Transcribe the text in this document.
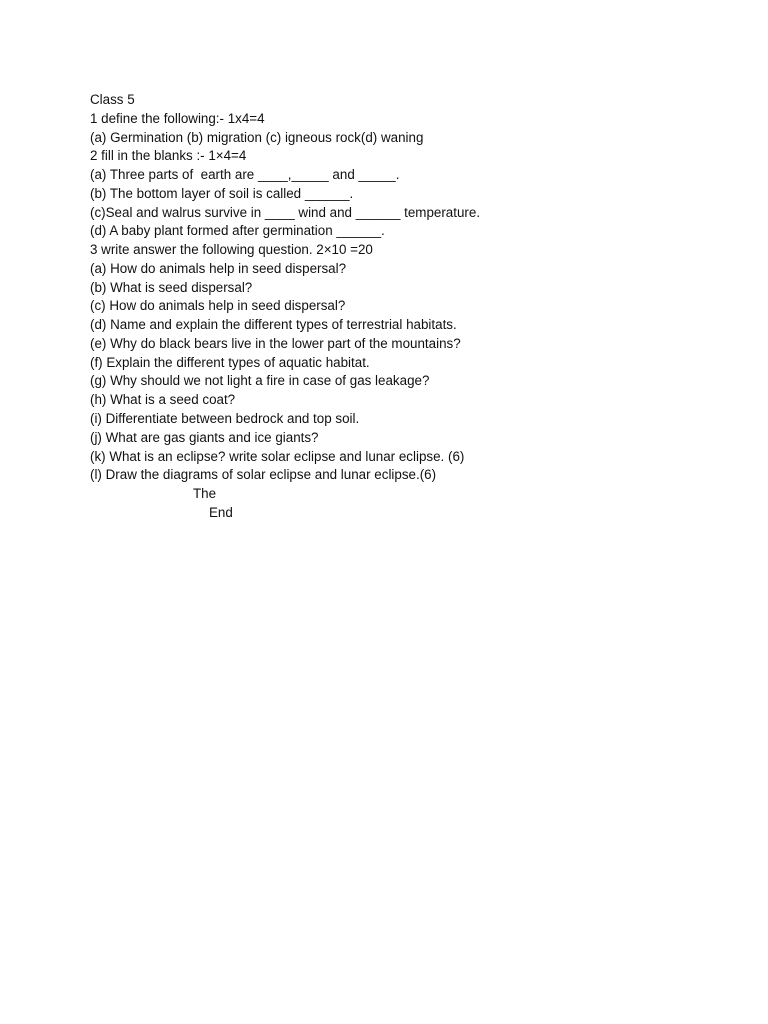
Class 5
1 define the following:- 1x4=4
(a) Germination (b) migration (c) igneous rock(d) waning
2 fill in the blanks :- 1×4=4
(a) Three parts of  earth are ____,_____ and _____.
(b) The bottom layer of soil is called ______.
(c)Seal and walrus survive in ____ wind and ______ temperature.
(d) A baby plant formed after germination ______.
3 write answer the following question. 2×10 =20
(a) How do animals help in seed dispersal?
(b) What is seed dispersal?
(c) How do animals help in seed dispersal?
(d) Name and explain the different types of terrestrial habitats.
(e) Why do black bears live in the lower part of the mountains?
(f) Explain the different types of aquatic habitat.
(g) Why should we not light a fire in case of gas leakage?
(h) What is a seed coat?
(i) Differentiate between bedrock and top soil.
(j) What are gas giants and ice giants?
(k) What is an eclipse? write solar eclipse and lunar eclipse. (6)
(l) Draw the diagrams of solar eclipse and lunar eclipse.(6)
The
End
